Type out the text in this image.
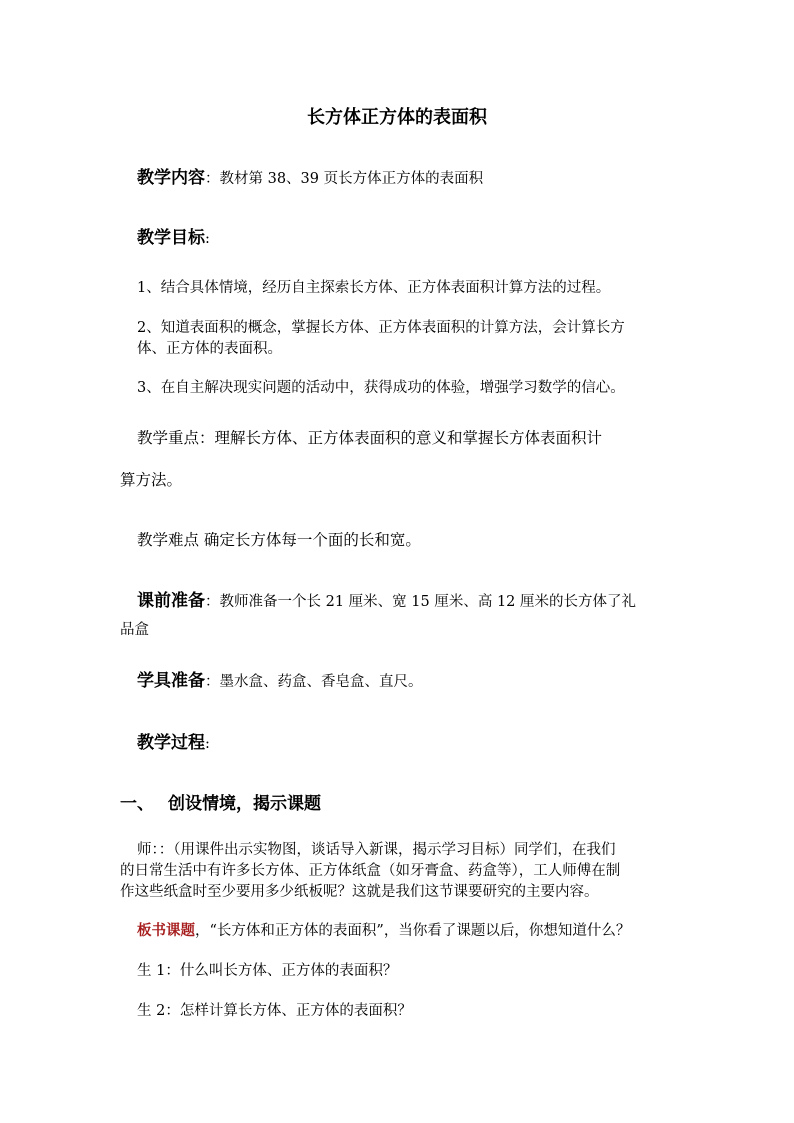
长方体正方体的表面积
教学内容：教材第 38、39 页长方体正方体的表面积
教学目标:
1、结合具体情境，经历自主探索长方体、正方体表面积计算方法的过程。
2、知道表面积的概念，掌握长方体、正方体表面积的计算方法，会计算长方
体、正方体的表面积。
3、在自主解决现实问题的活动中，获得成功的体验，增强学习数学的信心。
教学重点：理解长方体、正方体表面积的意义和掌握长方体表面积计
算方法。
教学难点 确定长方体每一个面的长和宽。
课前准备：教师准备一个长 21 厘米、宽 15 厘米、高 12 厘米的长方体了礼
品盒
学具准备：墨水盒、药盒、香皂盒、直尺。
教学过程:
一、 创设情境，揭示课题
师：：（用课件出示实物图，谈话导入新课，揭示学习目标）同学们，在我们
的日常生活中有许多长方体、正方体纸盒（如牙膏盒、药盒等），工人师傅在制
作这些纸盒时至少要用多少纸板呢？这就是我们这节课要研究的主要内容。
板书课题，“长方体和正方体的表面积”，当你看了课题以后，你想知道什么？
生 1：什么叫长方体、正方体的表面积？
生 2：怎样计算长方体、正方体的表面积？
